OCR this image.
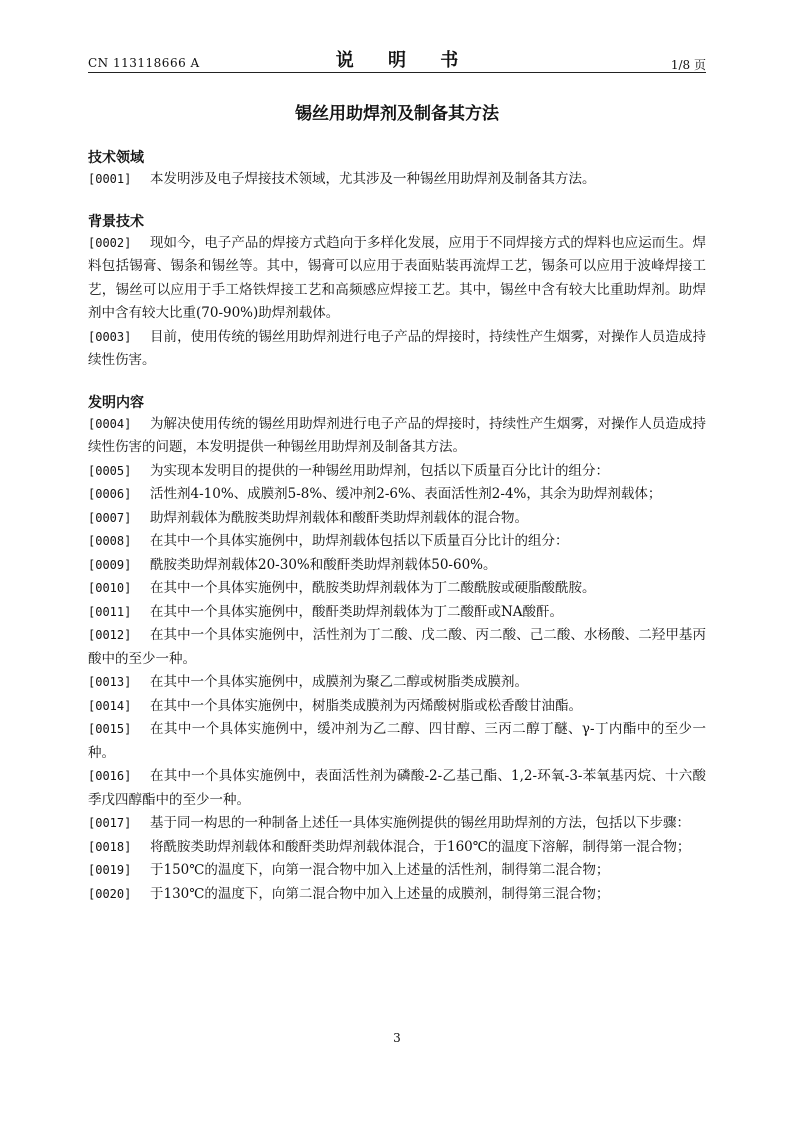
CN 113118666 A	说 明 书	1/8 页
锡丝用助焊剂及制备其方法

技术领域

[0001]	本发明涉及电子焊接技术领域，尤其涉及一种锡丝用助焊剂及制备其方法。

背景技术

[0002]	现如今，电子产品的焊接方式趋向于多样化发展，应用于不同焊接方式的焊料也应运而生。焊料包括锡膏、锡条和锡丝等。其中，锡膏可以应用于表面贴装再流焊工艺，锡条可以应用于波峰焊接工艺，锡丝可以应用于手工烙铁焊接工艺和高频感应焊接工艺。其中，锡丝中含有较大比重助焊剂。助焊剂中含有较大比重(70-90%)助焊剂载体。
[0003]	目前，使用传统的锡丝用助焊剂进行电子产品的焊接时，持续性产生烟雾，对操作人员造成持续性伤害。

发明内容

[0004]	为解决使用传统的锡丝用助焊剂进行电子产品的焊接时，持续性产生烟雾，对操作人员造成持续性伤害的问题，本发明提供一种锡丝用助焊剂及制备其方法。
[0005]	为实现本发明目的提供的一种锡丝用助焊剂，包括以下质量百分比计的组分：
[0006]	活性剂4-10%、成膜剂5-8%、缓冲剂2-6%、表面活性剂2-4%，其余为助焊剂载体；
[0007]	助焊剂载体为酰胺类助焊剂载体和酸酐类助焊剂载体的混合物。
[0008]	在其中一个具体实施例中，助焊剂载体包括以下质量百分比计的组分：
[0009]	酰胺类助焊剂载体20-30%和酸酐类助焊剂载体50-60%。
[0010]	在其中一个具体实施例中，酰胺类助焊剂载体为丁二酸酰胺或硬脂酸酰胺。
[0011]	在其中一个具体实施例中，酸酐类助焊剂载体为丁二酸酐或NA酸酐。
[0012]	在其中一个具体实施例中，活性剂为丁二酸、戊二酸、丙二酸、己二酸、水杨酸、二羟甲基丙酸中的至少一种。
[0013]	在其中一个具体实施例中，成膜剂为聚乙二醇或树脂类成膜剂。
[0014]	在其中一个具体实施例中，树脂类成膜剂为丙烯酸树脂或松香酸甘油酯。
[0015]	在其中一个具体实施例中，缓冲剂为乙二醇、四甘醇、三丙二醇丁醚、γ-丁内酯中的至少一种。
[0016]	在其中一个具体实施例中，表面活性剂为磷酸-2-乙基己酯、1,2-环氧-3-苯氧基丙烷、十六酸季戊四醇酯中的至少一种。
[0017]	基于同一构思的一种制备上述任一具体实施例提供的锡丝用助焊剂的方法，包括以下步骤：
[0018]	将酰胺类助焊剂载体和酸酐类助焊剂载体混合，于160℃的温度下溶解，制得第一混合物；
[0019]	于150℃的温度下，向第一混合物中加入上述量的活性剂，制得第二混合物；
[0020]	于130℃的温度下，向第二混合物中加入上述量的成膜剂，制得第三混合物；
3
